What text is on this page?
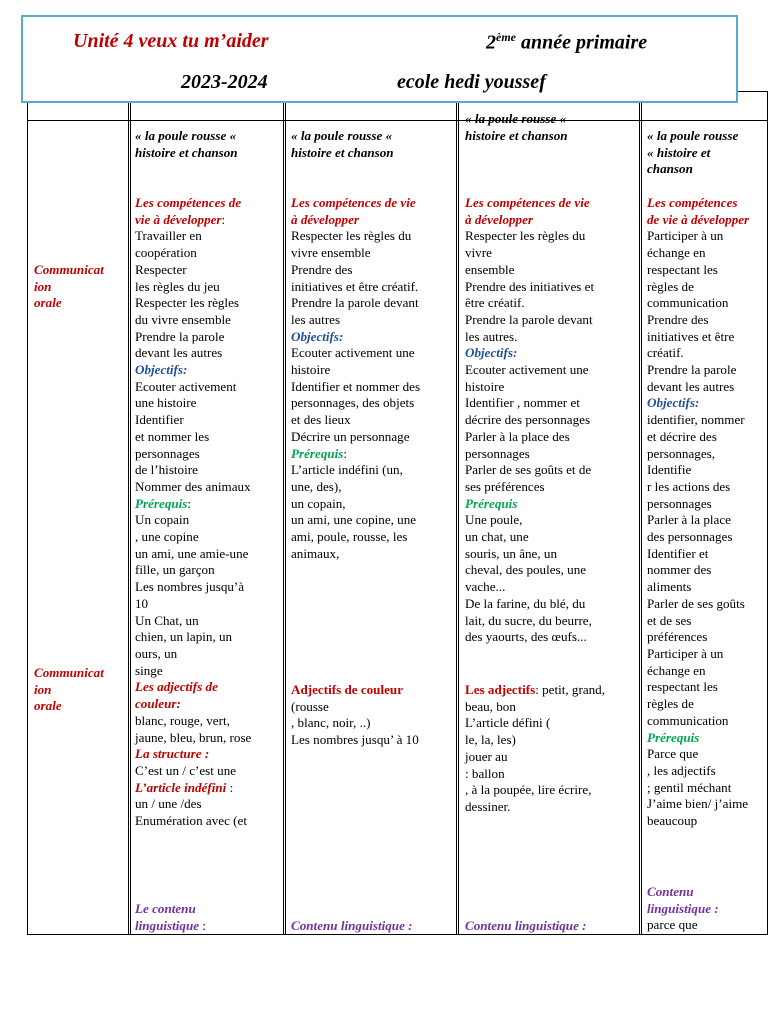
Unité 4 veux tu m’aider	2ème année primaire
2023-2024	ecole hedi youssef
Communicat
ion
orale
Communicat
ion
orale
« la poule rousse «
histoire et chanson
Les compétences de
vie à développer:
Travailler en
coopération
Respecter
les règles du jeu
Respecter les règles
du vivre ensemble
Prendre la parole
devant les autres
Objectifs:
Ecouter activement
une histoire
Identifier
et nommer les
personnages
de l’histoire
Nommer des animaux
Prérequis:
Un copain
, une copine
un ami, une amie-une
fille, un garçon
Les nombres jusqu’à
10
Un Chat, un
chien, un lapin, un
ours, un
singe
Les adjectifs de
couleur:
blanc, rouge, vert,
jaune, bleu, brun, rose
La structure :
C’est un / c’est une
L’article indéfini :
un / une /des
Enumération avec (et
Le contenu
linguistique :
« la poule rousse «
histoire et chanson
Les compétences de vie
à développer
Respecter les règles du
vivre ensemble
Prendre des
initiatives et être créatif.
Prendre la parole devant
les autres
Objectifs:
Ecouter activement une
histoire
Identifier et nommer des
personnages, des objets
et des lieux
Décrire un personnage
Prérequis:
L’article indéfini (un,
une, des),
un copain,
un ami, une copine, une
ami, poule, rousse, les
animaux,
Adjectifs de couleur
(rousse
, blanc, noir, ..)
Les nombres jusqu’ à 10
Contenu linguistique :
« la poule rousse «
histoire et chanson
Les compétences de vie
à développer
Respecter les règles du
vivre
ensemble
Prendre des initiatives et
être créatif.
Prendre la parole devant
les autres.
Objectifs:
Ecouter activement une
histoire
Identifier , nommer et
décrire des personnages
Parler à la place des
personnages
Parler de ses goûts et de
ses préférences
Prérequis
Une poule,
un chat, une
souris, un âne, un
cheval, des poules, une
vache...
De la farine, du blé, du
lait, du sucre, du beurre,
des yaourts, des œufs...
Les adjectifs: petit, grand,
beau, bon
L’article défini (
le, la, les)
jouer au
: ballon
, à la poupée, lire écrire,
dessiner.
Contenu linguistique :
« la poule rousse
« histoire et
chanson
Les compétences
de vie à développer
Participer à un
échange en
respectant les
règles de
communication
Prendre des
initiatives et être
créatif.
Prendre la parole
devant les autres
Objectifs:
identifier, nommer
et décrire des
personnages,
Identifie
r les actions des
personnages
Parler à la place
des personnages
Identifier et
nommer des
aliments
Parler de ses goûts
et de ses
préférences
Participer à un
échange en
respectant les
règles de
communication
Prérequis
Parce que
, les adjectifs
; gentil méchant
J’aime bien/ j’aime
beaucoup
Contenu
linguistique :
parce que
